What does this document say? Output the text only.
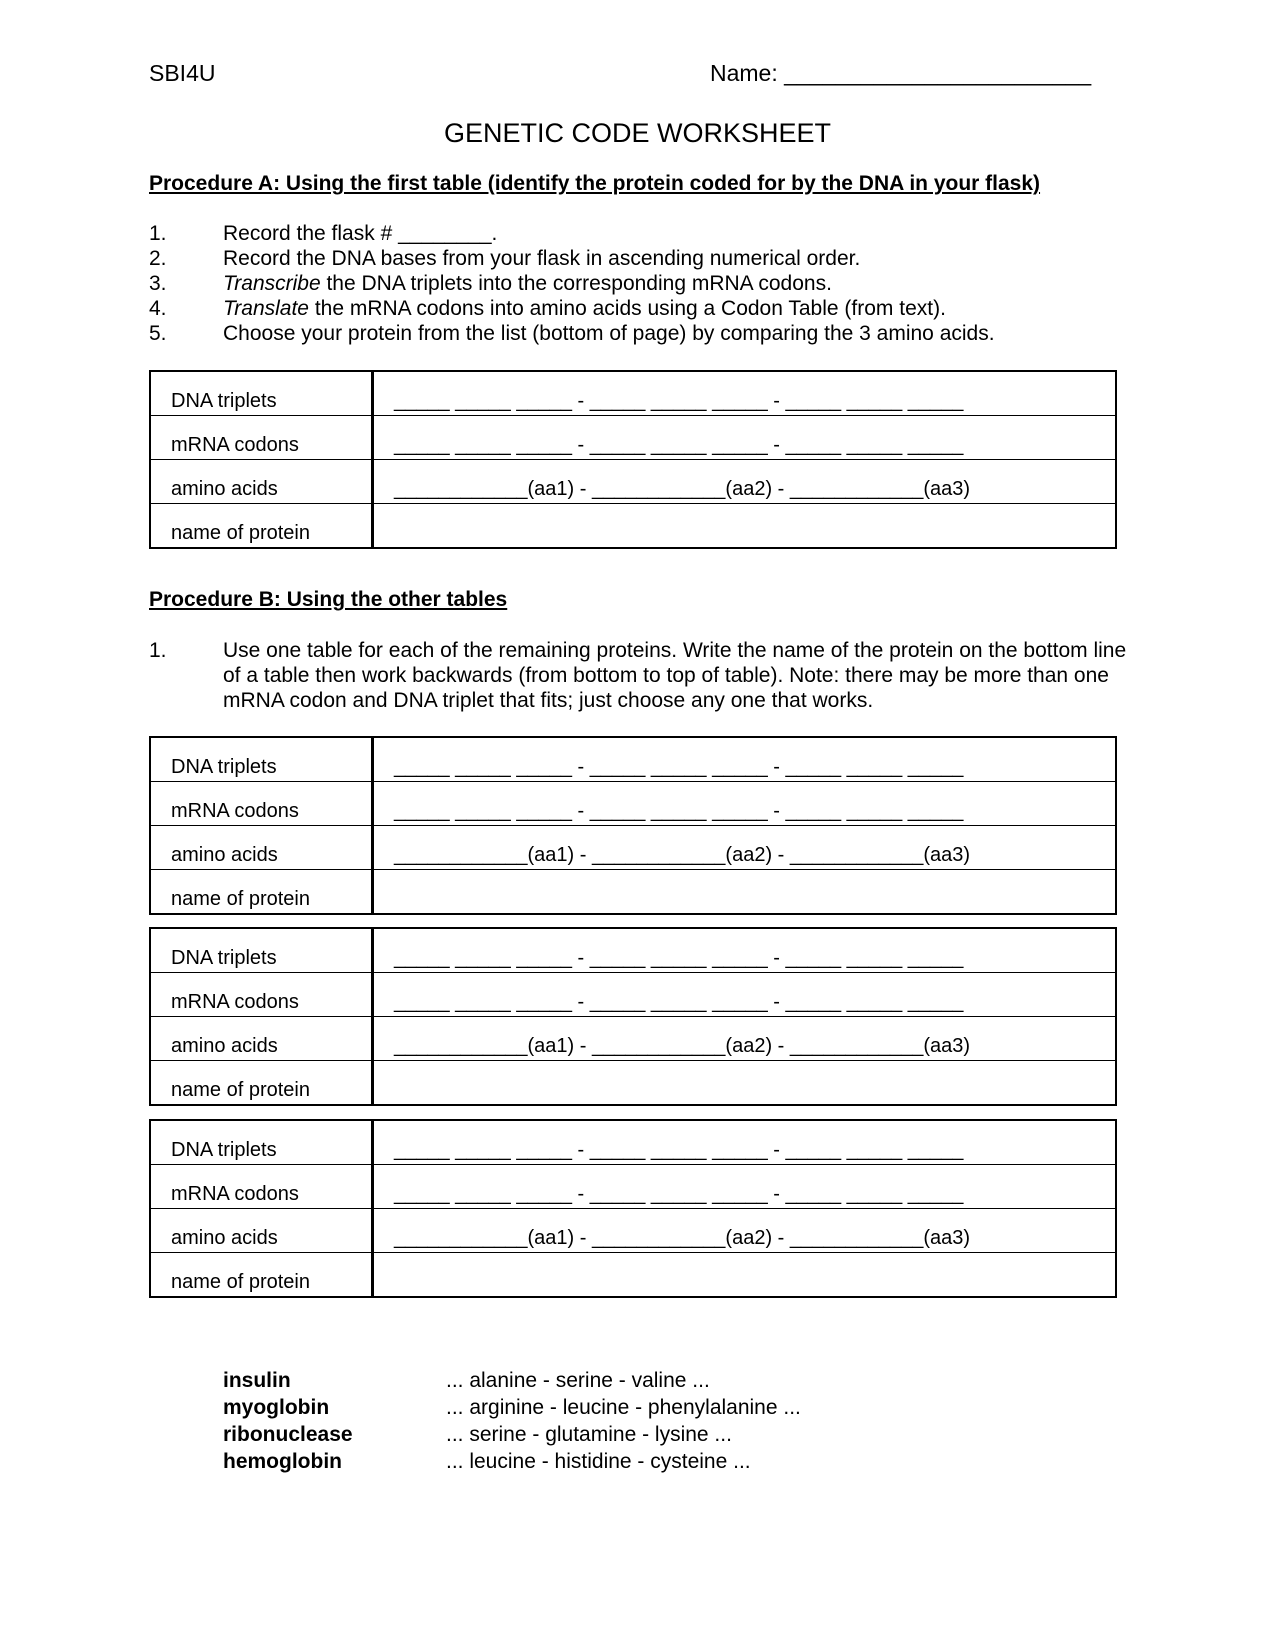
SBI4U	Name: ________________________
GENETIC CODE WORKSHEET
Procedure A: Using the first table (identify the protein coded for by the DNA in your flask)
1.	Record the flask # ________.
2.	Record the DNA bases from your flask in ascending numerical order.
3.	Transcribe the DNA triplets into the corresponding mRNA codons.
4.	Translate the mRNA codons into amino acids using a Codon Table (from text).
5.	Choose your protein from the list (bottom of page) by comparing the 3 amino acids.
DNA triplets	_____ _____ _____ - _____ _____ _____ - _____ _____ _____
mRNA codons	_____ _____ _____ - _____ _____ _____ - _____ _____ _____
amino acids	____________(aa1) - ____________(aa2) - ____________(aa3)
name of protein	
Procedure B: Using the other tables
1.	Use one table for each of the remaining proteins. Write the name of the protein on the bottom line of a table then work backwards (from bottom to top of table). Note: there may be more than one mRNA codon and DNA triplet that fits; just choose any one that works.
DNA triplets	_____ _____ _____ - _____ _____ _____ - _____ _____ _____
mRNA codons	_____ _____ _____ - _____ _____ _____ - _____ _____ _____
amino acids	____________(aa1) - ____________(aa2) - ____________(aa3)
name of protein	
DNA triplets	_____ _____ _____ - _____ _____ _____ - _____ _____ _____
mRNA codons	_____ _____ _____ - _____ _____ _____ - _____ _____ _____
amino acids	____________(aa1) - ____________(aa2) - ____________(aa3)
name of protein	
DNA triplets	_____ _____ _____ - _____ _____ _____ - _____ _____ _____
mRNA codons	_____ _____ _____ - _____ _____ _____ - _____ _____ _____
amino acids	____________(aa1) - ____________(aa2) - ____________(aa3)
name of protein	
insulin	... alanine - serine - valine ...
myoglobin	... arginine - leucine - phenylalanine ...
ribonuclease	... serine - glutamine - lysine ...
hemoglobin	... leucine - histidine - cysteine ...
